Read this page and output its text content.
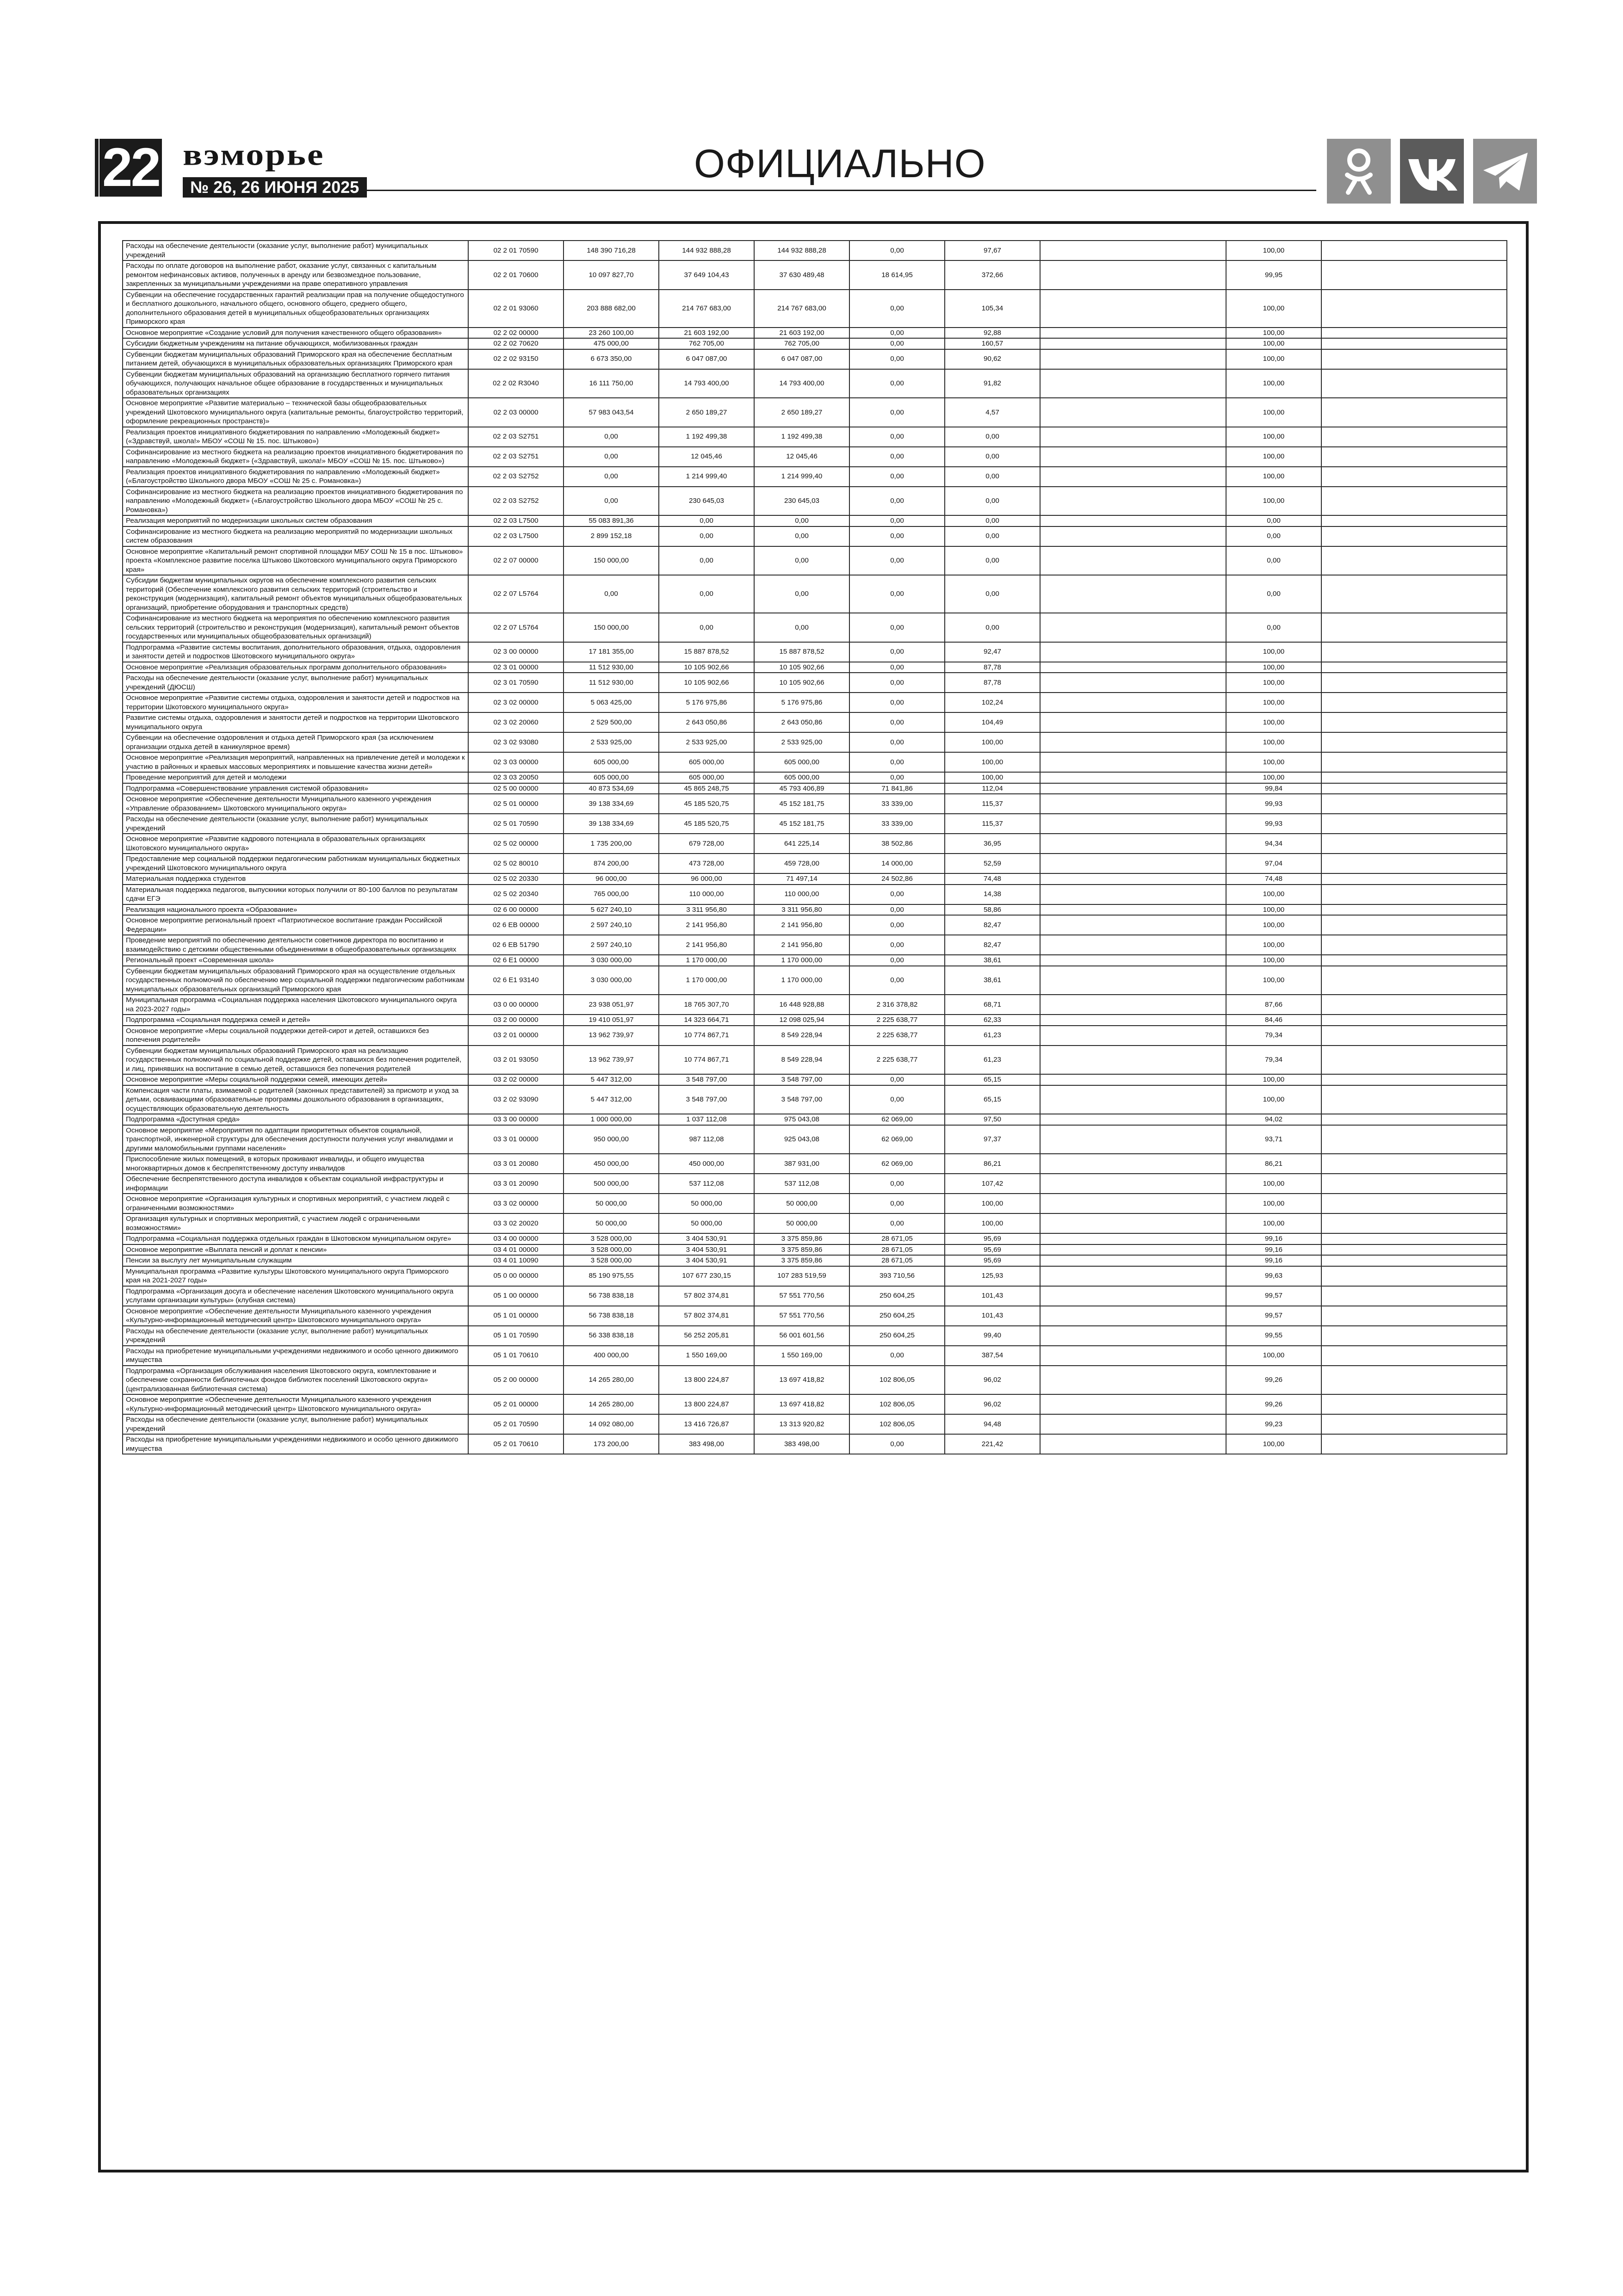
22 вэморье
№ 26, 26 ИЮНЯ 2025
ОФИЦИАЛЬНО
Расходы на обеспечение деятельности (оказание услуг, выполнение работ) муниципальных учреждений	02 2 01 70590	148 390 716,28	144 932 888,28	144 932 888,28	0,00	97,67		100,00	
Расходы по оплате договоров на выполнение работ, оказание услуг, связанных с капитальным ремонтом нефинансовых активов, полученных в аренду или безвозмездное пользование, закрепленных за муниципальными учреждениями на праве оперативного управления	02 2 01 70600	10 097 827,70	37 649 104,43	37 630 489,48	18 614,95	372,66		99,95	
Субвенции на обеспечение государственных гарантий реализации прав на получение общедоступного и бесплатного дошкольного, начального общего, основного общего, среднего общего, дополнительного образования детей в муниципальных общеобразовательных организациях Приморского края	02 2 01 93060	203 888 682,00	214 767 683,00	214 767 683,00	0,00	105,34		100,00	
Основное мероприятие «Создание условий для получения качественного общего образования»	02 2 02 00000	23 260 100,00	21 603 192,00	21 603 192,00	0,00	92,88		100,00	
Субсидии бюджетным учреждениям на питание обучающихся, мобилизованных граждан	02 2 02 70620	475 000,00	762 705,00	762 705,00	0,00	160,57		100,00	
Субвенции бюджетам муниципальных образований Приморского края на обеспечение бесплатным питанием детей, обучающихся в муниципальных образовательных организациях Приморского края	02 2 02 93150	6 673 350,00	6 047 087,00	6 047 087,00	0,00	90,62		100,00	
Субвенции бюджетам муниципальных образований на организацию бесплатного горячего питания обучающихся, получающих начальное общее образование в государственных и муниципальных образовательных организациях	02 2 02 R3040	16 111 750,00	14 793 400,00	14 793 400,00	0,00	91,82		100,00	
Основное мероприятие «Развитие материально – технической базы общеобразовательных учреждений Шкотовского муниципального округа (капитальные ремонты, благоустройство территорий, оформление рекреационных пространств)»	02 2 03 00000	57 983 043,54	2 650 189,27	2 650 189,27	0,00	4,57		100,00	
Реализация проектов инициативного бюджетирования по направлению «Молодежный бюджет» («Здравствуй, школа!» МБОУ «СОШ № 15. пос. Штыково»)	02 2 03 S2751	0,00	1 192 499,38	1 192 499,38	0,00	0,00		100,00	
Софинансирование из местного бюджета на реализацию проектов инициативного бюджетирования по направлению «Молодежный бюджет» («Здравствуй, школа!» МБОУ «СОШ № 15. пос. Штыково»)	02 2 03 S2751	0,00	12 045,46	12 045,46	0,00	0,00		100,00	
Реализация проектов инициативного бюджетирования по направлению «Молодежный бюджет» («Благоустройство Школьного двора МБОУ «СОШ № 25 с. Романовка»)	02 2 03 S2752	0,00	1 214 999,40	1 214 999,40	0,00	0,00		100,00	
Софинансирование из местного бюджета на реализацию проектов инициативного бюджетирования по направлению «Молодежный бюджет» («Благоустройство Школьного двора МБОУ «СОШ № 25 с. Романовка»)	02 2 03 S2752	0,00	230 645,03	230 645,03	0,00	0,00		100,00	
Реализация мероприятий по модернизации школьных систем образования	02 2 03 L7500	55 083 891,36	0,00	0,00	0,00	0,00		0,00	
Софинансирование из местного бюджета на реализацию мероприятий по модернизации школьных систем образования	02 2 03 L7500	2 899 152,18	0,00	0,00	0,00	0,00		0,00	
Основное мероприятие «Капитальный ремонт спортивной площадки МБУ СОШ № 15 в пос. Штыково» проекта «Комплексное развитие поселка Штыково Шкотовского муниципального округа Приморского края»	02 2 07 00000	150 000,00	0,00	0,00	0,00	0,00		0,00	
Субсидии бюджетам муниципальных округов на обеспечение комплексного развития сельских территорий (Обеспечение комплексного развития сельских территорий (строительство и реконструкция (модернизация), капитальный ремонт объектов муниципальных общеобразовательных организаций, приобретение оборудования и транспортных средств)	02 2 07 L5764	0,00	0,00	0,00	0,00	0,00		0,00	
Софинансирование из местного бюджета на мероприятия по обеспечению комплексного развития сельских территорий (строительство и реконструкция (модернизация), капитальный ремонт объектов государственных или муниципальных общеобразовательных организаций)	02 2 07 L5764	150 000,00	0,00	0,00	0,00	0,00		0,00	
Подпрограмма «Развитие системы воспитания, дополнительного образования, отдыха, оздоровления и занятости детей и подростков Шкотовского муниципального округа»	02 3 00 00000	17 181 355,00	15 887 878,52	15 887 878,52	0,00	92,47		100,00	
Основное мероприятие «Реализация образовательных программ дополнительного образования»	02 3 01 00000	11 512 930,00	10 105 902,66	10 105 902,66	0,00	87,78		100,00	
Расходы на обеспечение деятельности (оказание услуг, выполнение работ) муниципальных учреждений (ДЮСШ)	02 3 01 70590	11 512 930,00	10 105 902,66	10 105 902,66	0,00	87,78		100,00	
Основное мероприятие «Развитие системы отдыха, оздоровления и занятости детей и подростков на территории Шкотовского муниципального округа»	02 3 02 00000	5 063 425,00	5 176 975,86	5 176 975,86	0,00	102,24		100,00	
Развитие системы отдыха, оздоровления и занятости детей и подростков на территории Шкотовского муниципального округа	02 3 02 20060	2 529 500,00	2 643 050,86	2 643 050,86	0,00	104,49		100,00	
Субвенции на обеспечение оздоровления и отдыха детей Приморского края (за исключением организации отдыха детей в каникулярное время)	02 3 02 93080	2 533 925,00	2 533 925,00	2 533 925,00	0,00	100,00		100,00	
Основное мероприятие «Реализация мероприятий, направленных на привлечение детей и молодежи к участию в районных и краевых массовых мероприятиях и повышение качества жизни детей»	02 3 03 00000	605 000,00	605 000,00	605 000,00	0,00	100,00		100,00	
Проведение мероприятий для детей и молодежи	02 3 03 20050	605 000,00	605 000,00	605 000,00	0,00	100,00		100,00	
Подпрограмма «Совершенствование управления системой образования»	02 5 00 00000	40 873 534,69	45 865 248,75	45 793 406,89	71 841,86	112,04		99,84	
Основное мероприятие «Обеспечение деятельности Муниципального казенного учреждения «Управление образованием» Шкотовского муниципального округа»	02 5 01 00000	39 138 334,69	45 185 520,75	45 152 181,75	33 339,00	115,37		99,93	
Расходы на обеспечение деятельности (оказание услуг, выполнение работ) муниципальных учреждений	02 5 01 70590	39 138 334,69	45 185 520,75	45 152 181,75	33 339,00	115,37		99,93	
Основное мероприятие «Развитие кадрового потенциала в образовательных организациях Шкотовского муниципального округа»	02 5 02 00000	1 735 200,00	679 728,00	641 225,14	38 502,86	36,95		94,34	
Предоставление мер социальной поддержки педагогическим работникам муниципальных бюджетных учреждений Шкотовского муниципального округа	02 5 02 80010	874 200,00	473 728,00	459 728,00	14 000,00	52,59		97,04	
Материальная поддержка студентов	02 5 02 20330	96 000,00	96 000,00	71 497,14	24 502,86	74,48		74,48	
Материальная поддержка педагогов, выпускники которых получили от 80-100 баллов по результатам сдачи ЕГЭ	02 5 02 20340	765 000,00	110 000,00	110 000,00	0,00	14,38		100,00	
Реализация национального проекта «Образование»	02 6 00 00000	5 627 240,10	3 311 956,80	3 311 956,80	0,00	58,86		100,00	
Основное мероприятие региональный проект «Патриотическое воспитание граждан Российской Федерации»	02 6 EB 00000	2 597 240,10	2 141 956,80	2 141 956,80	0,00	82,47		100,00	
Проведение мероприятий по обеспечению деятельности советников директора по воспитанию и взаимодействию с детскими общественными объединениями в общеобразовательных организациях	02 6 EB 51790	2 597 240,10	2 141 956,80	2 141 956,80	0,00	82,47		100,00	
Региональный проект «Современная школа»	02 6 E1 00000	3 030 000,00	1 170 000,00	1 170 000,00	0,00	38,61		100,00	
Субвенции бюджетам муниципальных образований Приморского края на осуществление отдельных государственных полномочий по обеспечению мер социальной поддержки педагогическим работникам муниципальных образовательных организаций Приморского края	02 6 E1 93140	3 030 000,00	1 170 000,00	1 170 000,00	0,00	38,61		100,00	
Муниципальная программа «Социальная поддержка населения Шкотовского муниципального округа на 2023-2027 годы»	03 0 00 00000	23 938 051,97	18 765 307,70	16 448 928,88	2 316 378,82	68,71		87,66	
Подпрограмма «Социальная поддержка семей и детей»	03 2 00 00000	19 410 051,97	14 323 664,71	12 098 025,94	2 225 638,77	62,33		84,46	
Основное мероприятие «Меры социальной поддержки детей-сирот и детей, оставшихся без попечения родителей»	03 2 01 00000	13 962 739,97	10 774 867,71	8 549 228,94	2 225 638,77	61,23		79,34	
Субвенции бюджетам муниципальных образований Приморского края на реализацию государственных полномочий по социальной поддержке детей, оставшихся без попечения родителей, и лиц, принявших на воспитание в семью детей, оставшихся без попечения родителей	03 2 01 93050	13 962 739,97	10 774 867,71	8 549 228,94	2 225 638,77	61,23		79,34	
Основное мероприятие «Меры социальной поддержки семей, имеющих детей»	03 2 02 00000	5 447 312,00	3 548 797,00	3 548 797,00	0,00	65,15		100,00	
Компенсация части платы, взимаемой с родителей (законных представителей) за присмотр и уход за детьми, осваивающими образовательные программы дошкольного образования в организациях, осуществляющих образовательную деятельность	03 2 02 93090	5 447 312,00	3 548 797,00	3 548 797,00	0,00	65,15		100,00	
Подпрограмма «Доступная среда»	03 3 00 00000	1 000 000,00	1 037 112,08	975 043,08	62 069,00	97,50		94,02	
Основное мероприятие «Мероприятия по адаптации приоритетных объектов социальной, транспортной, инженерной структуры для обеспечения доступности получения услуг инвалидами и другими маломобильными группами населения»	03 3 01 00000	950 000,00	987 112,08	925 043,08	62 069,00	97,37		93,71	
Приспособление жилых помещений, в которых проживают инвалиды, и общего имущества многоквартирных домов к беспрепятственному доступу инвалидов	03 3 01 20080	450 000,00	450 000,00	387 931,00	62 069,00	86,21		86,21	
Обеспечение беспрепятственного доступа инвалидов к объектам социальной инфраструктуры и информации	03 3 01 20090	500 000,00	537 112,08	537 112,08	0,00	107,42		100,00	
Основное мероприятие «Организация культурных и спортивных мероприятий, с участием людей с ограниченными возможностями»	03 3 02 00000	50 000,00	50 000,00	50 000,00	0,00	100,00		100,00	
Организация культурных и спортивных мероприятий, с участием людей с ограниченными возможностями»	03 3 02 20020	50 000,00	50 000,00	50 000,00	0,00	100,00		100,00	
Подпрограмма «Социальная поддержка отдельных граждан в Шкотовском муниципальном округе»	03 4 00 00000	3 528 000,00	3 404 530,91	3 375 859,86	28 671,05	95,69		99,16	
Основное мероприятие «Выплата пенсий и доплат к пенсии»	03 4 01 00000	3 528 000,00	3 404 530,91	3 375 859,86	28 671,05	95,69		99,16	
Пенсии за выслугу лет муниципальным служащим	03 4 01 10090	3 528 000,00	3 404 530,91	3 375 859,86	28 671,05	95,69		99,16	
Муниципальная программа «Развитие культуры Шкотовского муниципального округа Приморского края на 2021-2027 годы»	05 0 00 00000	85 190 975,55	107 677 230,15	107 283 519,59	393 710,56	125,93		99,63	
Подпрограмма «Организация досуга и обеспечение населения Шкотовского муниципального округа услугами организации культуры» (клубная система)	05 1 00 00000	56 738 838,18	57 802 374,81	57 551 770,56	250 604,25	101,43		99,57	
Основное мероприятие «Обеспечение деятельности Муниципального казенного учреждения «Культурно-информационный методический центр» Шкотовского муниципального округа»	05 1 01 00000	56 738 838,18	57 802 374,81	57 551 770,56	250 604,25	101,43		99,57	
Расходы на обеспечение деятельности (оказание услуг, выполнение работ) муниципальных учреждений	05 1 01 70590	56 338 838,18	56 252 205,81	56 001 601,56	250 604,25	99,40		99,55	
Расходы на приобретение муниципальными учреждениями недвижимого и особо ценного движимого имущества	05 1 01 70610	400 000,00	1 550 169,00	1 550 169,00	0,00	387,54		100,00	
Подпрограмма «Организация обслуживания населения Шкотовского округа, комплектование и обеспечение сохранности библиотечных фондов библиотек поселений Шкотовского округа» (централизованная библиотечная система)	05 2 00 00000	14 265 280,00	13 800 224,87	13 697 418,82	102 806,05	96,02		99,26	
Основное мероприятие «Обеспечение деятельности Муниципального казенного учреждения «Культурно-информационный методический центр» Шкотовского муниципального округа»	05 2 01 00000	14 265 280,00	13 800 224,87	13 697 418,82	102 806,05	96,02		99,26	
Расходы на обеспечение деятельности (оказание услуг, выполнение работ) муниципальных учреждений	05 2 01 70590	14 092 080,00	13 416 726,87	13 313 920,82	102 806,05	94,48		99,23	
Расходы на приобретение муниципальными учреждениями недвижимого и особо ценного движимого имущества	05 2 01 70610	173 200,00	383 498,00	383 498,00	0,00	221,42		100,00	
